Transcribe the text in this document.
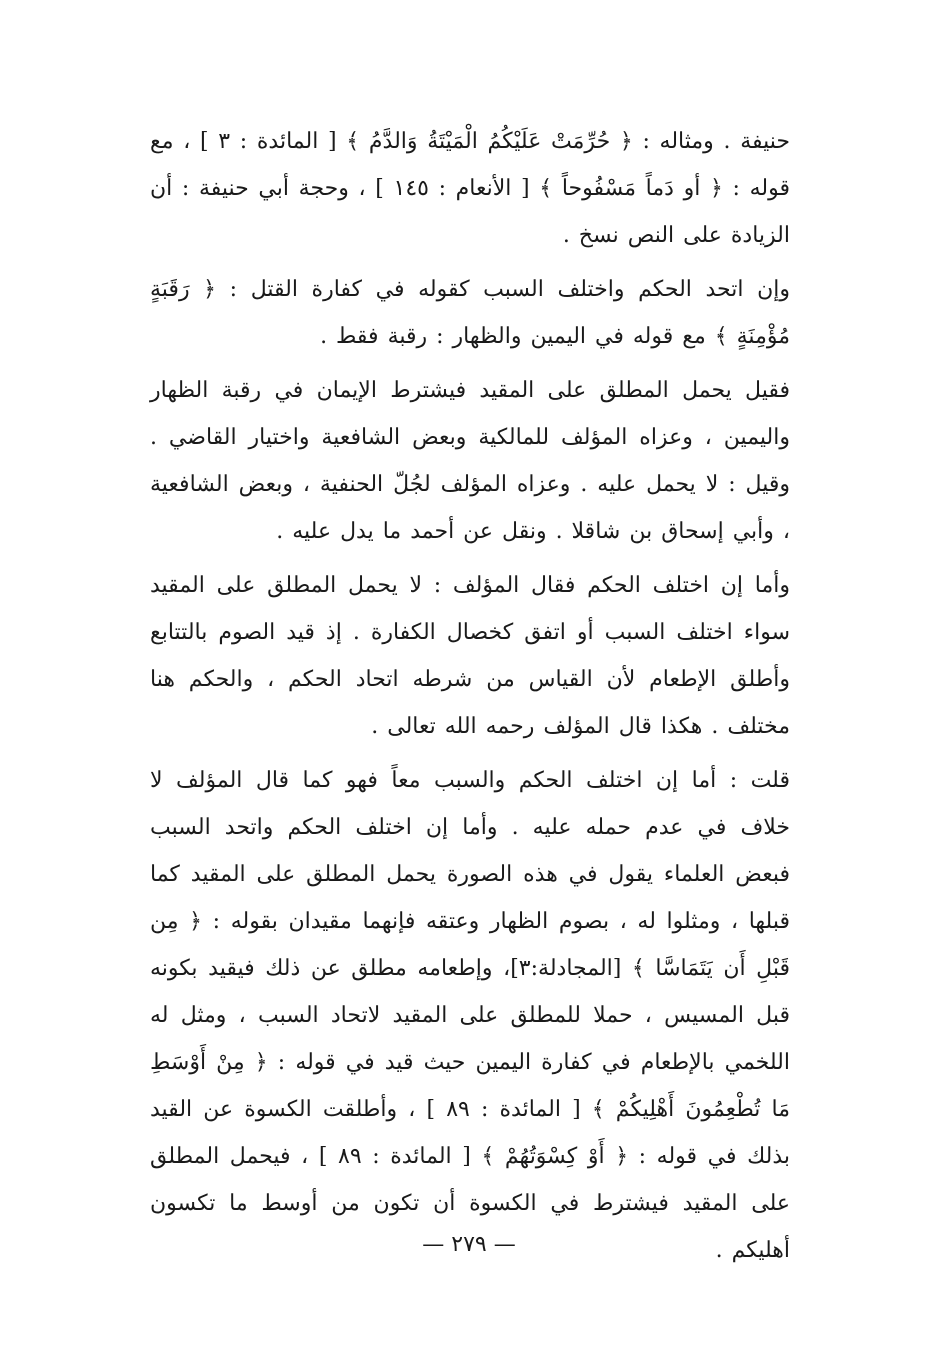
حنيفة . ومثاله : ﴿ حُرِّمَتْ عَلَيْكُمُ الْمَيْتَةُ وَالدَّمُ ﴾ [ المائدة : ٣ ] ، مع قوله : ﴿ أو دَماً مَسْفُوحاً ﴾ [ الأنعام : ١٤٥ ] ، وحجة أبي حنيفة : أن الزيادة على النص نسخ .

وإن اتحد الحكم واختلف السبب كقوله في كفارة القتل : ﴿ رَقَبَةٍ مُؤْمِنَةٍ ﴾ مع قوله في اليمين والظهار : رقبة فقط .

فقيل يحمل المطلق على المقيد فيشترط الإيمان في رقبة الظهار واليمين ، وعزاه المؤلف للمالكية وبعض الشافعية واختيار القاضي . وقيل : لا يحمل عليه . وعزاه المؤلف لجُلّ الحنفية ، وبعض الشافعية ، وأبي إسحاق بن شاقلا . ونقل عن أحمد ما يدل عليه .

وأما إن اختلف الحكم فقال المؤلف : لا يحمل المطلق على المقيد سواء اختلف السبب أو اتفق كخصال الكفارة . إذ قيد الصوم بالتتابع وأطلق الإطعام لأن القياس من شرطه اتحاد الحكم ، والحكم هنا مختلف . هكذا قال المؤلف رحمه الله تعالى .

قلت : أما إن اختلف الحكم والسبب معاً فهو كما قال المؤلف لا خلاف في عدم حمله عليه . وأما إن اختلف الحكم واتحد السبب فبعض العلماء يقول في هذه الصورة يحمل المطلق على المقيد كما قبلها ، ومثلوا له ، بصوم الظهار وعتقه فإنهما مقيدان بقوله : ﴿ مِن قَبْلِ أَن يَتَمَاسَّا ﴾ [المجادلة:٣]، وإطعامه مطلق عن ذلك فيقيد بكونه قبل المسيس ، حملا للمطلق على المقيد لاتحاد السبب ، ومثل له اللخمي بالإطعام في كفارة اليمين حيث قيد في قوله : ﴿ مِنْ أَوْسَطِ مَا تُطْعِمُونَ أَهْلِيكُمْ ﴾ [ المائدة : ٨٩ ] ، وأطلقت الكسوة عن القيد بذلك في قوله : ﴿ أَوْ كِسْوَتُهُمْ ﴾ [ المائدة : ٨٩ ] ، فيحمل المطلق على المقيد فيشترط في الكسوة أن تكون من أوسط ما تكسون أهليكم .

— ٢٧٩ —
